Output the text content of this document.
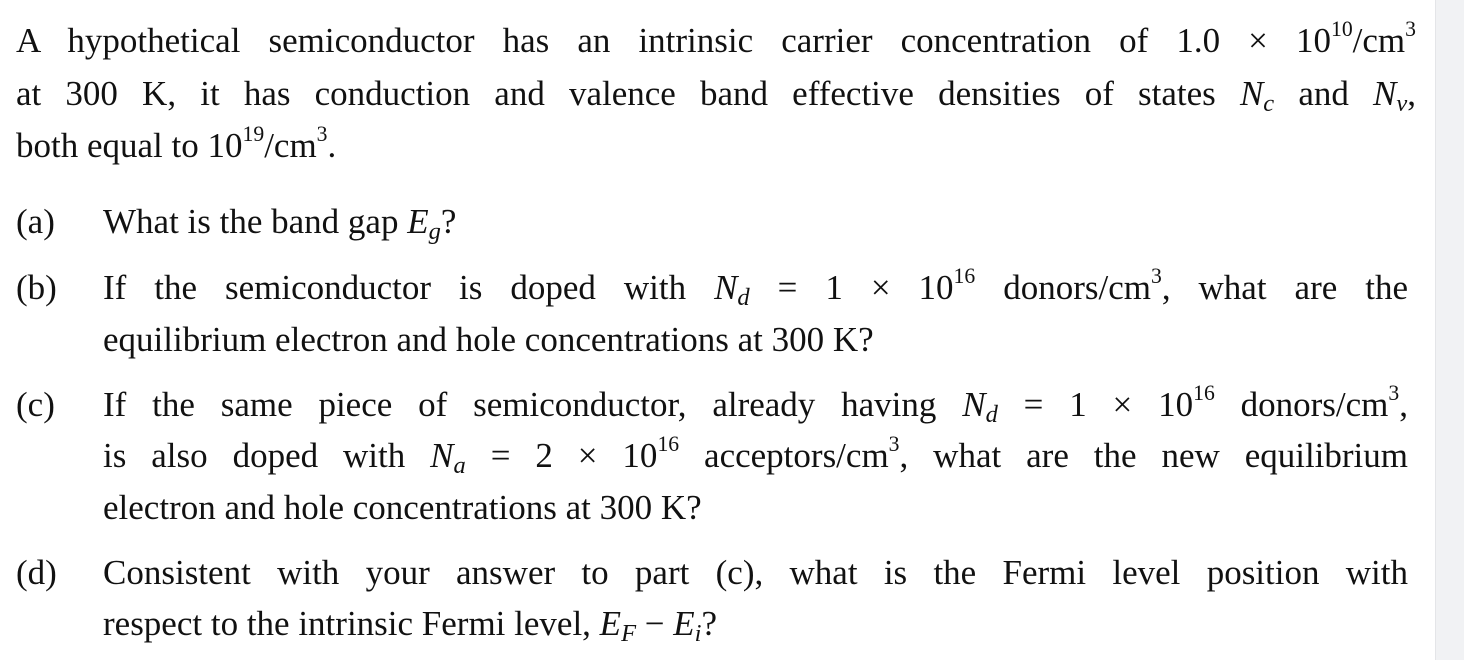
A hypothetical semiconductor has an intrinsic carrier concentration of $1.0 \times 10^{10}/cm^3$
at 300 K, it has conduction and valence band effective densities of states $N_c$ and $N_v$,
both equal to $10^{19}/cm^3$.
(a) What is the band gap $E_g$?
(b) If the semiconductor is doped with $N_d = 1 \times 10^{16}$ donors/$cm^3$, what are the
equilibrium electron and hole concentrations at 300 K?
(c) If the same piece of semiconductor, already having $N_d = 1 \times 10^{16}$ donors/$cm^3$,
is also doped with $N_a = 2 \times 10^{16}$ acceptors/$cm^3$, what are the new equilibrium
electron and hole concentrations at 300 K?
(d) Consistent with your answer to part (c), what is the Fermi level position with
respect to the intrinsic Fermi level, $E_F - E_i$?
